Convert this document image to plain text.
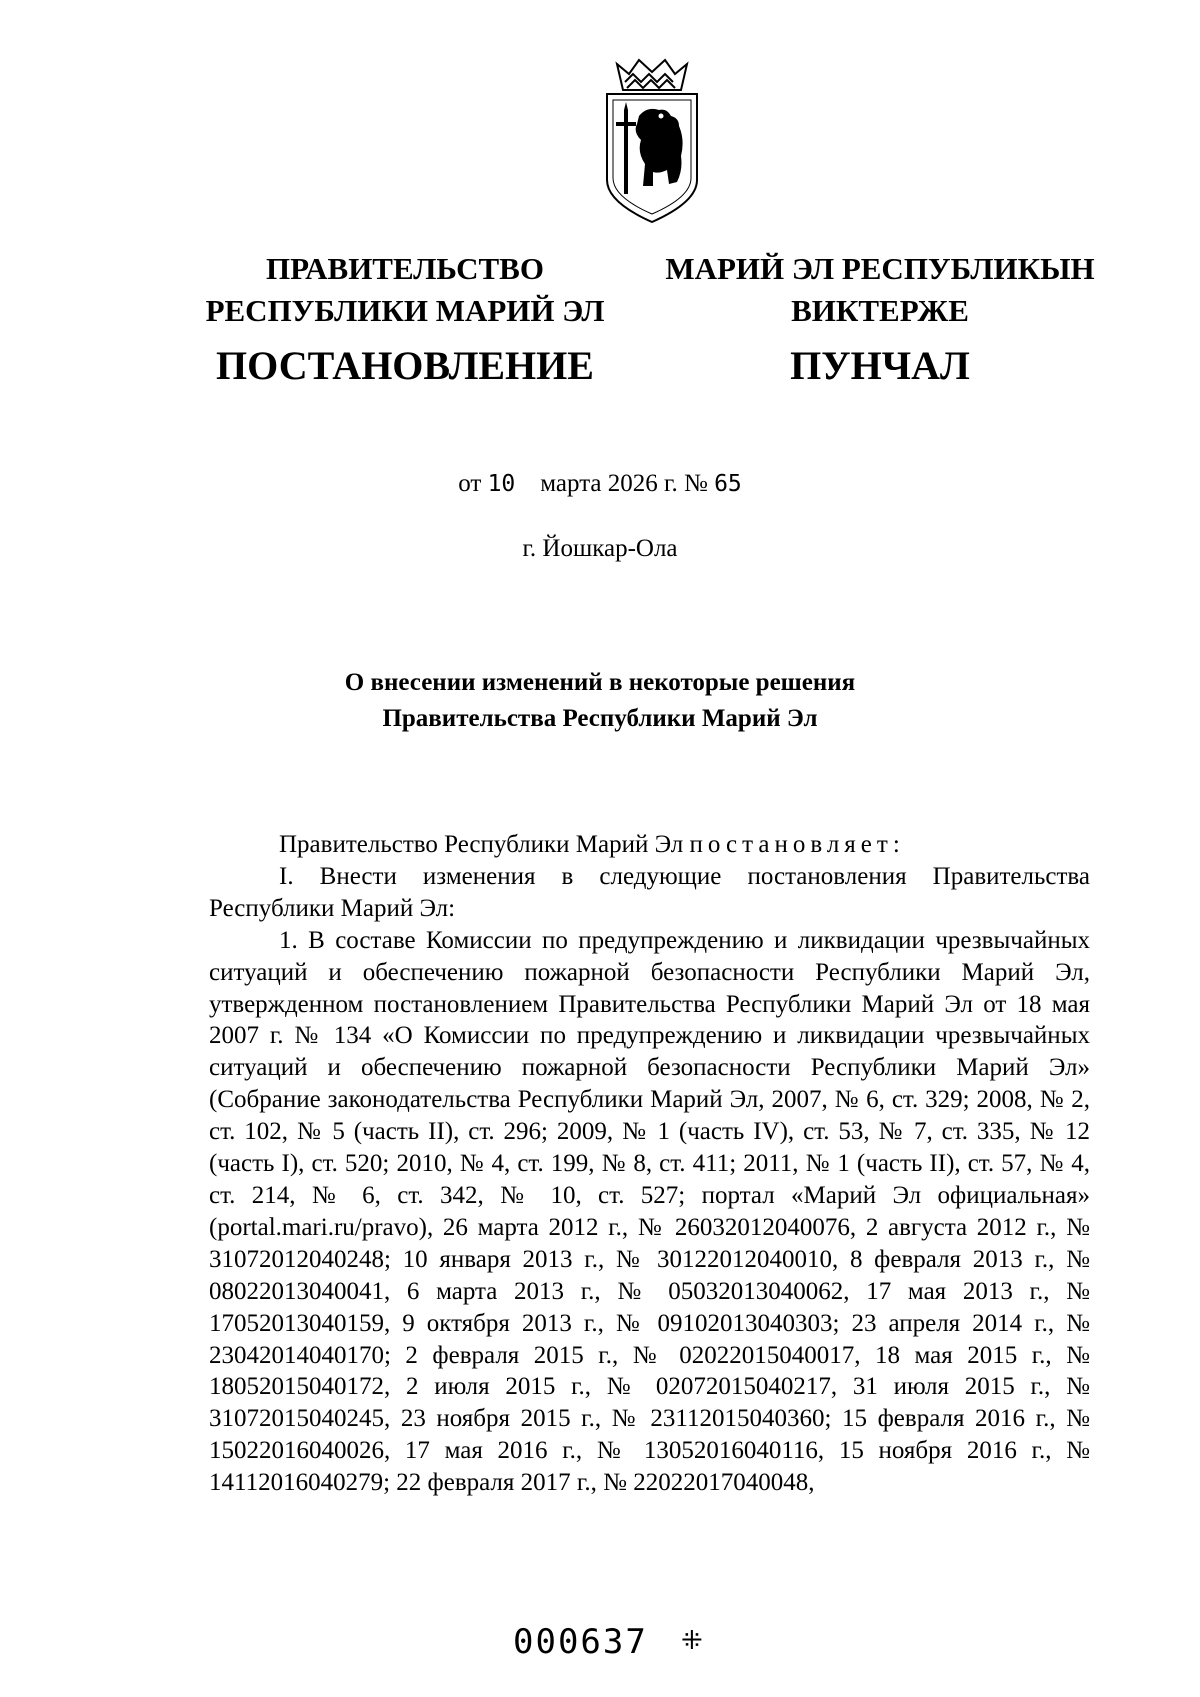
ПРАВИТЕЛЬСТВО
РЕСПУБЛИКИ МАРИЙ ЭЛ
ПОСТАНОВЛЕНИЕ
МАРИЙ ЭЛ РЕСПУБЛИКЫН
ВИКТЕРЖЕ
ПУНЧАЛ
от 10 марта 2026 г. № 65
г. Йошкар-Ола
О внесении изменений в некоторые решения
Правительства Республики Марий Эл

Правительство Республики Марий Эл постановляет:

I. Внести изменения в следующие постановления Правительства Республики Марий Эл:

1. В составе Комиссии по предупреждению и ликвидации чрезвычайных ситуаций и обеспечению пожарной безопасности Республики Марий Эл, утвержденном постановлением Правительства Республики Марий Эл от 18 мая 2007 г. № 134 «О Комиссии по предупреждению и ликвидации чрезвычайных ситуаций и обеспечению пожарной безопасности Республики Марий Эл» (Собрание законодательства Республики Марий Эл, 2007, № 6, ст. 329; 2008, № 2, ст. 102, № 5 (часть II), ст. 296; 2009, № 1 (часть IV), ст. 53, № 7, ст. 335, № 12 (часть I), ст. 520; 2010, № 4, ст. 199, № 8, ст. 411; 2011, № 1 (часть II), ст. 57, № 4, ст. 214, № 6, ст. 342, № 10, ст. 527; портал «Марий Эл официальная» (portal.mari.ru/pravo), 26 марта 2012 г., № 26032012040076, 2 августа 2012 г., № 31072012040248; 10 января 2013 г., № 30122012040010, 8 февраля 2013 г., № 08022013040041, 6 марта 2013 г., № 05032013040062, 17 мая 2013 г., № 17052013040159, 9 октября 2013 г., № 09102013040303; 23 апреля 2014 г., № 23042014040170; 2 февраля 2015 г., № 02022015040017, 18 мая 2015 г., № 18052015040172, 2 июля 2015 г., № 02072015040217, 31 июля 2015 г., № 31072015040245, 23 ноября 2015 г., № 23112015040360; 15 февраля 2016 г., № 15022016040026, 17 мая 2016 г., № 13052016040116, 15 ноября 2016 г., № 14112016040279; 22 февраля 2017 г., № 22022017040048,

000637 ⁜
